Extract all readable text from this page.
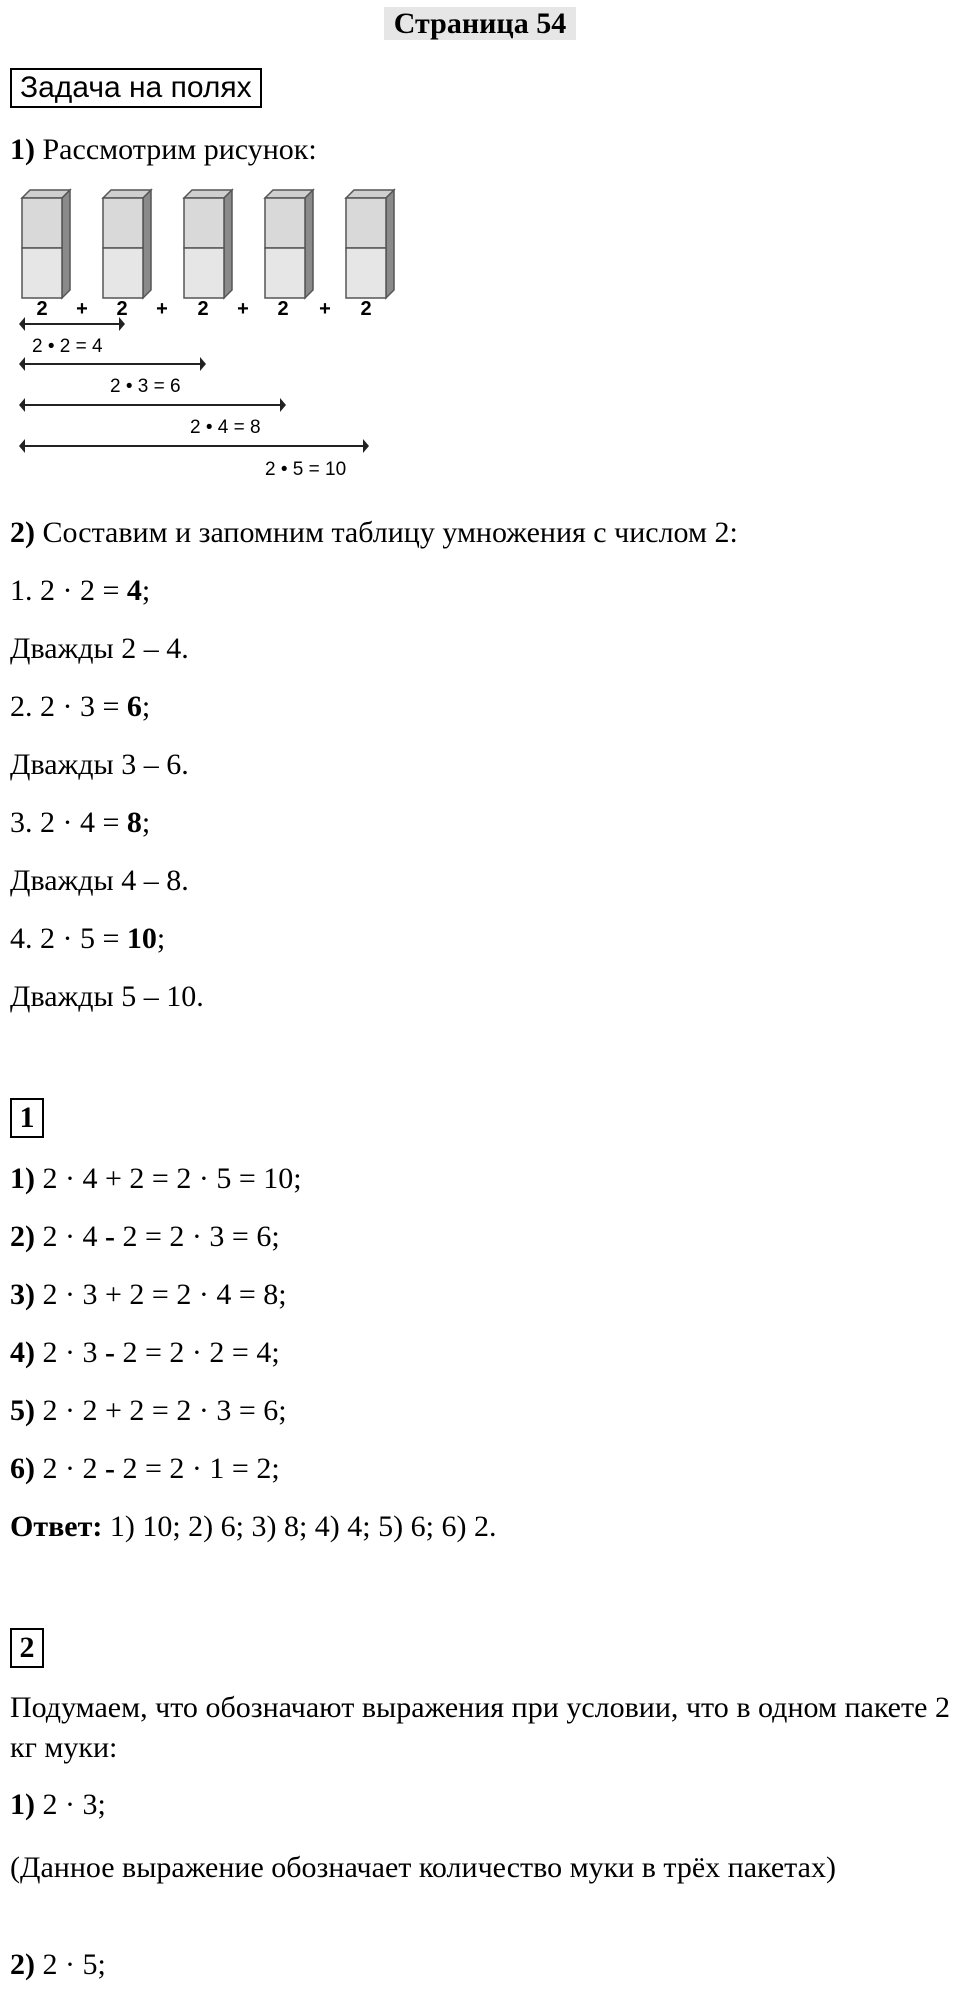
Страница 54
Задача на полях
1) Рассмотрим рисунок:
2 + 2 + 2 + 2 + 2
2 • 2 = 4
2 • 3 = 6
2 • 4 = 8
2 • 5 = 10
2) Составим и запомним таблицу умножения с числом 2:
1. 2 · 2 = 4;
Дважды 2 – 4.
2. 2 · 3 = 6;
Дважды 3 – 6.
3. 2 · 4 = 8;
Дважды 4 – 8.
4. 2 · 5 = 10;
Дважды 5 – 10.
1
1) 2 · 4 + 2 = 2 · 5 = 10;
2) 2 · 4 - 2 = 2 · 3 = 6;
3) 2 · 3 + 2 = 2 · 4 = 8;
4) 2 · 3 - 2 = 2 · 2 = 4;
5) 2 · 2 + 2 = 2 · 3 = 6;
6) 2 · 2 - 2 = 2 · 1 = 2;
Ответ: 1) 10; 2) 6; 3) 8; 4) 4; 5) 6; 6) 2.
2
Подумаем, что обозначают выражения при условии, что в одном пакете 2 кг муки:
1) 2 · 3;
(Данное выражение обозначает количество муки в трёх пакетах)
2) 2 · 5;
